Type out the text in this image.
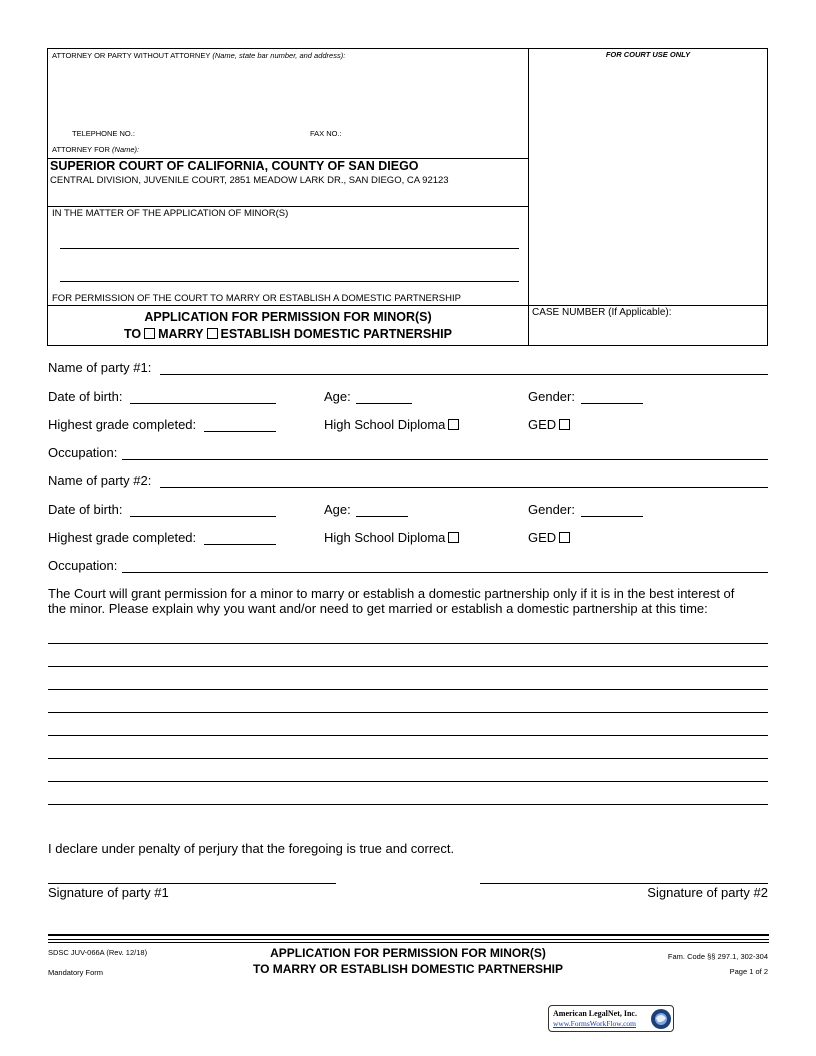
ATTORNEY OR PARTY WITHOUT ATTORNEY (Name, state bar number, and address):	FOR COURT USE ONLY
TELEPHONE NO.:	FAX NO.:
ATTORNEY FOR (Name):
SUPERIOR COURT OF CALIFORNIA, COUNTY OF SAN DIEGO
CENTRAL DIVISION, JUVENILE COURT, 2851 MEADOW LARK DR., SAN DIEGO, CA 92123
IN THE MATTER OF THE APPLICATION OF MINOR(S)
FOR PERMISSION OF THE COURT TO MARRY OR ESTABLISH A DOMESTIC PARTNERSHIP
APPLICATION FOR PERMISSION FOR MINOR(S)
TO MARRY ESTABLISH DOMESTIC PARTNERSHIP
CASE NUMBER (If Applicable):
Name of party #1:
Date of birth:	Age:	Gender:
Highest grade completed:	High School Diploma	GED
Occupation:
Name of party #2:
Date of birth:	Age:	Gender:
Highest grade completed:	High School Diploma	GED
Occupation:
The Court will grant permission for a minor to marry or establish a domestic partnership only if it is in the best interest of
the minor. Please explain why you want and/or need to get married or establish a domestic partnership at this time:
I declare under penalty of perjury that the foregoing is true and correct.
Signature of party #1	Signature of party #2
SDSC JUV-066A (Rev. 12/18)
Mandatory Form
APPLICATION FOR PERMISSION FOR MINOR(S)
TO MARRY OR ESTABLISH DOMESTIC PARTNERSHIP
Fam. Code §§ 297.1, 302-304
Page 1 of 2
American LegalNet, Inc.
www.FormsWorkFlow.com
